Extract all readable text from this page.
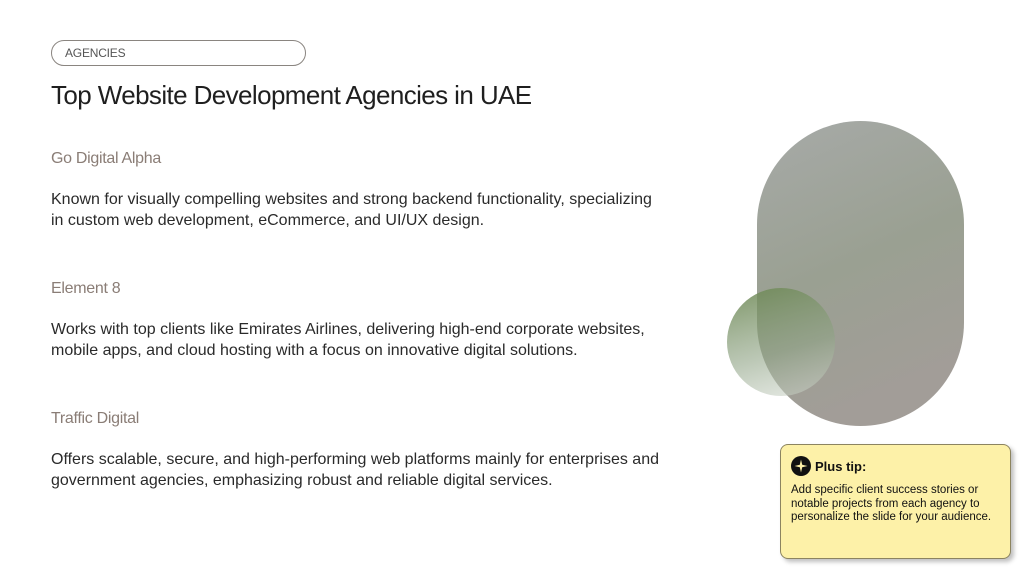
AGENCIES
Top Website Development Agencies in UAE
Go Digital Alpha

Known for visually compelling websites and strong backend functionality, specializing in custom web development, eCommerce, and UI/UX design.

Element 8

Works with top clients like Emirates Airlines, delivering high-end corporate websites, mobile apps, and cloud hosting with a focus on innovative digital solutions.

Traffic Digital

Offers scalable, secure, and high-performing web platforms mainly for enterprises and government agencies, emphasizing robust and reliable digital services.

Plus tip:
Add specific client success stories or notable projects from each agency to personalize the slide for your audience.
